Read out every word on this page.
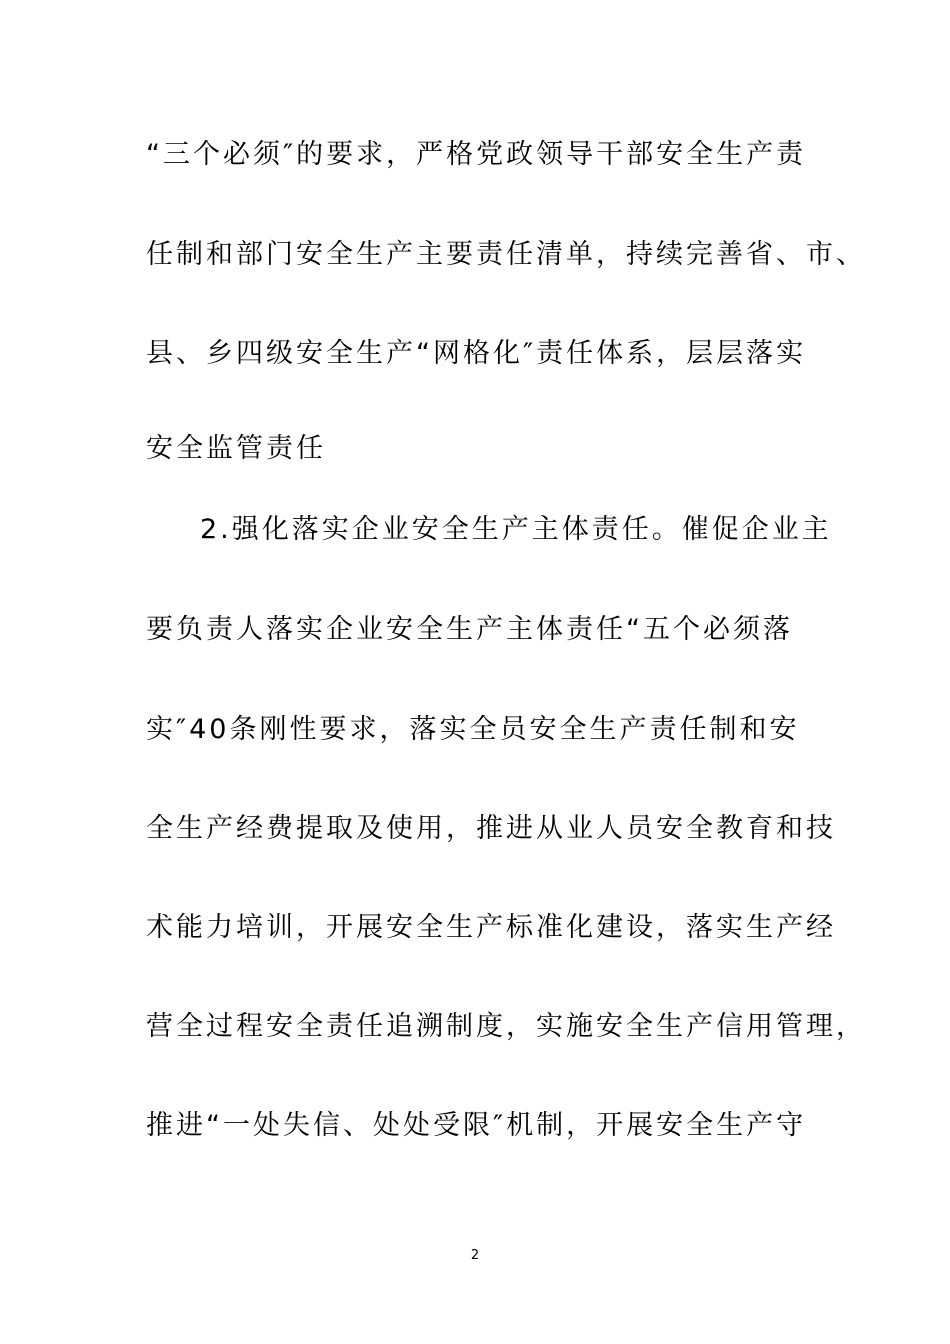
“三个必须″的要求，严格党政领导干部安全生产责
任制和部门安全生产主要责任清单，持续完善省、市、
县、乡四级安全生产“网格化″责任体系，层层落实
安全监管责任
2.强化落实企业安全生产主体责任。催促企业主
要负责人落实企业安全生产主体责任“五个必须落
实″40条刚性要求，落实全员安全生产责任制和安
全生产经费提取及使用，推进从业人员安全教育和技
术能力培训，开展安全生产标准化建设，落实生产经
营全过程安全责任追溯制度，实施安全生产信用管理，
推进“一处失信、处处受限″机制，开展安全生产守
2
